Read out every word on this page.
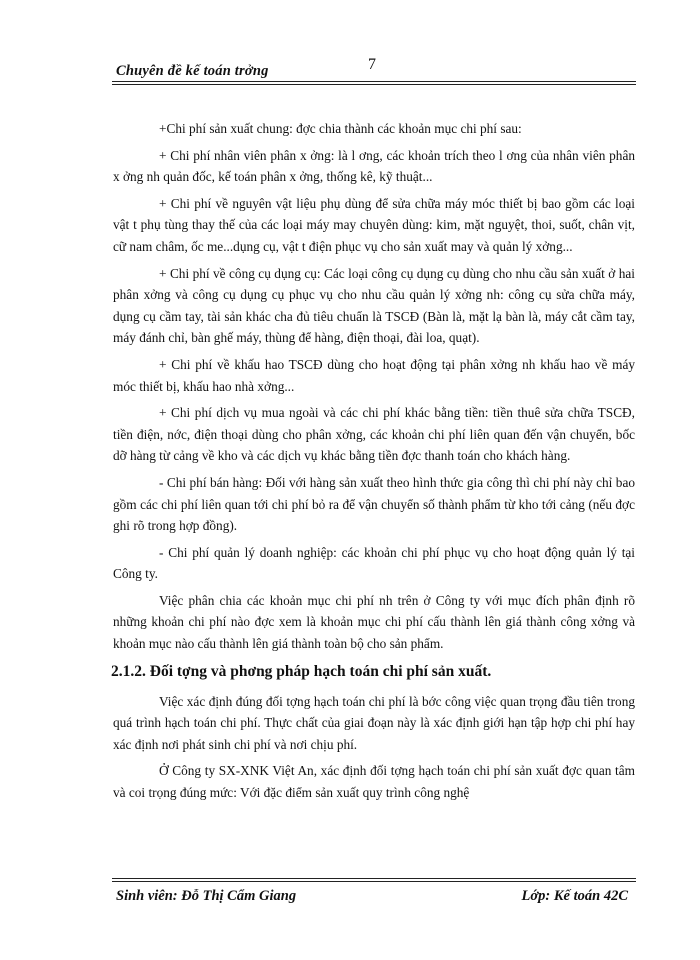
Chuyên đề kế toán trởng	7

+Chi phí sản xuất chung: đợc chia thành các khoản mục chi phí sau:

+ Chi phí nhân viên phân x ởng: là l ơng, các khoản trích theo l ơng của nhân viên phân x ởng nh quản đốc, kế toán phân x ởng, thống kê, kỹ thuật...

+ Chi phí về nguyên vật liệu phụ dùng để sửa chữa máy móc thiết bị bao gồm các loại vật t phụ tùng thay thế của các loại máy may chuyên dùng: kim, mặt nguyệt, thoi, suốt, chân vịt, cữ nam châm, ốc me...dụng cụ, vật t điện phục vụ cho sản xuất may và quản lý xởng...

+ Chi phí về công cụ dụng cụ: Các loại công cụ dụng cụ dùng cho nhu cầu sản xuất ở hai phân xởng và công cụ dụng cụ phục vụ cho nhu cầu quản lý xởng nh: công cụ sửa chữa máy, dụng cụ cầm tay, tài sản khác cha đủ tiêu chuẩn là TSCĐ (Bàn là, mặt lạ bàn là, máy cắt cầm tay, máy đánh chỉ, bàn ghế máy, thùng để hàng, điện thoại, đài loa, quạt).

+ Chi phí về khấu hao TSCĐ dùng cho hoạt động tại phân xởng nh khấu hao về máy móc thiết bị, khấu hao nhà xởng...

+ Chi phí dịch vụ mua ngoài và các chi phí khác bằng tiền: tiền thuê sửa chữa TSCĐ, tiền điện, nớc, điện thoại dùng cho phân xởng, các khoản chi phí liên quan đến vận chuyển, bốc dỡ hàng từ cảng về kho và các dịch vụ khác bằng tiền đợc thanh toán cho khách hàng.

- Chi phí bán hàng: Đối với hàng sản xuất theo hình thức gia công thì chi phí này chỉ bao gồm các chi phí liên quan tới chi phí bỏ ra để vận chuyển số thành phẩm từ kho tới cảng (nếu đợc ghi rõ trong hợp đồng).

- Chi phí quản lý doanh nghiệp: các khoản chi phí phục vụ cho hoạt động quản lý tại Công ty.

Việc phân chia các khoản mục chi phí nh trên ở Công ty với mục đích phân định rõ những khoản chi phí nào đợc xem là khoản mục chi phí cấu thành lên giá thành công xởng và khoản mục nào cấu thành lên giá thành toàn bộ cho sản phẩm.

2.1.2. Đối tợng và phơng pháp hạch toán chi phí sản xuất.

Việc xác định đúng đối tợng hạch toán chi phí là bớc công việc quan trọng đầu tiên trong quá trình hạch toán chi phí. Thực chất của giai đoạn này là xác định giới hạn tập hợp chi phí hay xác định nơi phát sinh chi phí và nơi chịu phí.

Ở Công ty SX-XNK Việt An, xác định đối tợng hạch toán chi phí sản xuất đợc quan tâm và coi trọng đúng mức: Với đặc điểm sản xuất quy trình công nghệ

Sinh viên: Đỗ Thị Cẩm Giang	Lớp: Kế toán 42C
